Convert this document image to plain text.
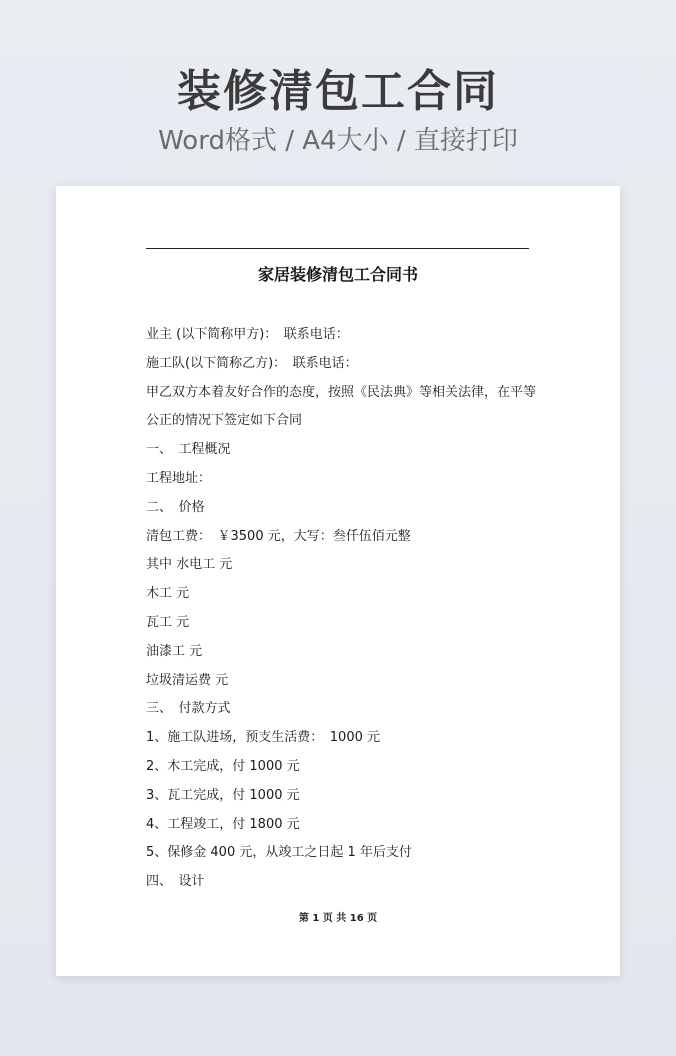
装修清包工合同
Word格式 / A4大小 / 直接打印
家居装修清包工合同书
业主 (以下简称甲方)：　联系电话：
施工队(以下简称乙方)：　联系电话：
甲乙双方本着友好合作的态度，按照《民法典》等相关法律，在平等
公正的情况下签定如下合同
一、　工程概况
工程地址：
二、　价格
清包工费：　￥3500 元，大写：叁仟伍佰元整
其中 水电工 元
木工 元
瓦工 元
油漆工 元
垃圾清运费 元
三、　付款方式
1、施工队进场，预支生活费：　1000 元
2、木工完成，付 1000 元
3、瓦工完成，付 1000 元
4、工程竣工，付 1800 元
5、保修金 400 元，从竣工之日起 1 年后支付
四、　设计
第 1 页 共 16 页
